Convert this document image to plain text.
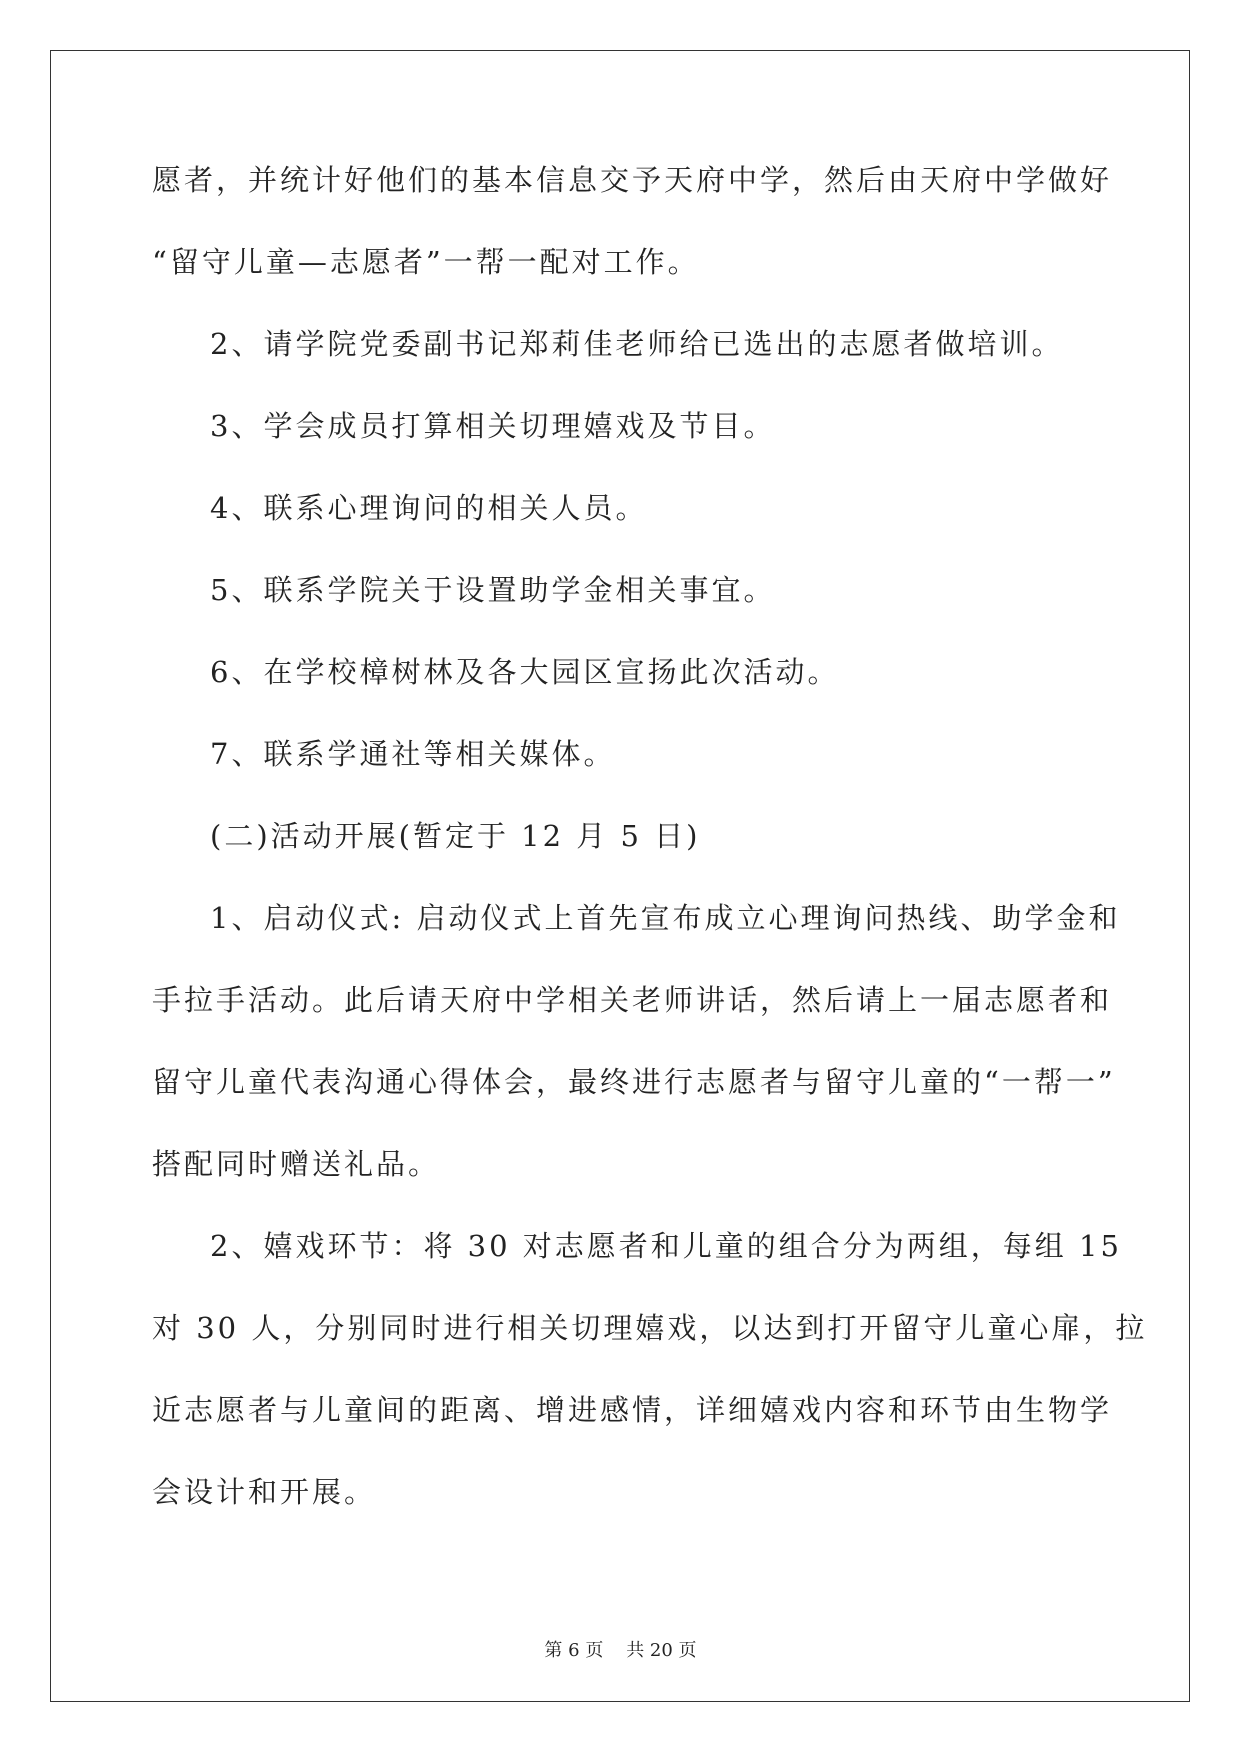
愿者，并统计好他们的基本信息交予天府中学，然后由天府中学做好
“留守儿童—志愿者”一帮一配对工作。
2、请学院党委副书记郑莉佳老师给已选出的志愿者做培训。
3、学会成员打算相关切理嬉戏及节目。
4、联系心理询问的相关人员。
5、联系学院关于设置助学金相关事宜。
6、在学校樟树林及各大园区宣扬此次活动。
7、联系学通社等相关媒体。
(二)活动开展(暂定于 12 月 5 日)
1、启动仪式: 启动仪式上首先宣布成立心理询问热线、助学金和
手拉手活动。此后请天府中学相关老师讲话，然后请上一届志愿者和
留守儿童代表沟通心得体会，最终进行志愿者与留守儿童的“一帮一”
搭配同时赠送礼品。
2、嬉戏环节：将 30 对志愿者和儿童的组合分为两组，每组 15
对 30 人，分别同时进行相关切理嬉戏，以达到打开留守儿童心扉，拉
近志愿者与儿童间的距离、增进感情，详细嬉戏内容和环节由生物学
会设计和开展。
第 6 页    共 20 页
